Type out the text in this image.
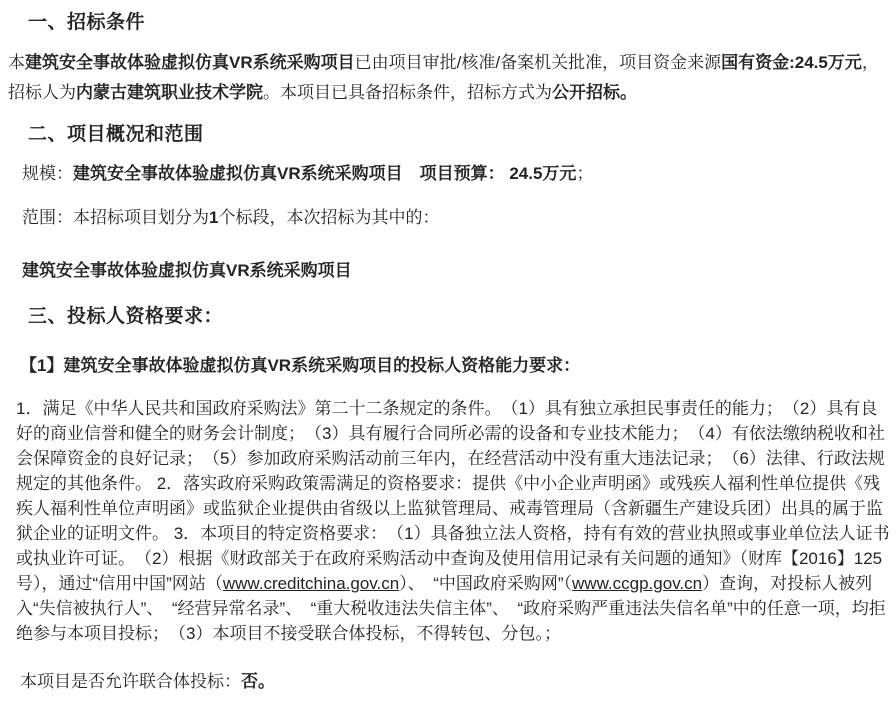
一、招标条件

本建筑安全事故体验虚拟仿真VR系统采购项目已由项目审批/核准/备案机关批准，项目资金来源国有资金:24.5万元，招标人为内蒙古建筑职业技术学院。本项目已具备招标条件，招标方式为公开招标。

二、项目概况和范围

规模：建筑安全事故体验虚拟仿真VR系统采购项目　项目预算： 24.5万元；

范围：本招标项目划分为1个标段，本次招标为其中的：

建筑安全事故体验虚拟仿真VR系统采购项目

三、投标人资格要求：

【1】建筑安全事故体验虚拟仿真VR系统采购项目的投标人资格能力要求：

1．满足《中华人民共和国政府采购法》第二十二条规定的条件。　（1）具有独立承担民事责任的能力；　（2）具有良好的商业信誉和健全的财务会计制度；　（3）具有履行合同所必需的设备和专业技术能力；　（4）有依法缴纳税收和社会保障资金的良好记录；　（5）参加政府采购活动前三年内，在经营活动中没有重大违法记录；　（6）法律、行政法规规定的其他条件。 2．落实政府采购政策需满足的资格要求：提供《中小企业声明函》或残疾人福利性单位提供《残疾人福利性单位声明函》或监狱企业提供由省级以上监狱管理局、戒毒管理局（含新疆生产建设兵团）出具的属于监狱企业的证明文件。 3．本项目的特定资格要求：　（1）具备独立法人资格，持有有效的营业执照或事业单位法人证书或执业许可证。　（2）根据《财政部关于在政府采购活动中查询及使用信用记录有关问题的通知》（财库【2016】125号），通过“信用中国”网站（www.creditchina.gov.cn）、　“中国政府采购网”（www.ccgp.gov.cn）查询，对投标人被列入“失信被执行人”、　“经营异常名录”、　“重大税收违法失信主体”、　“政府采购严重违法失信名单”中的任意一项，均拒绝参与本项目投标；　（3）本项目不接受联合体投标，不得转包、分包。；

本项目是否允许联合体投标：否。
